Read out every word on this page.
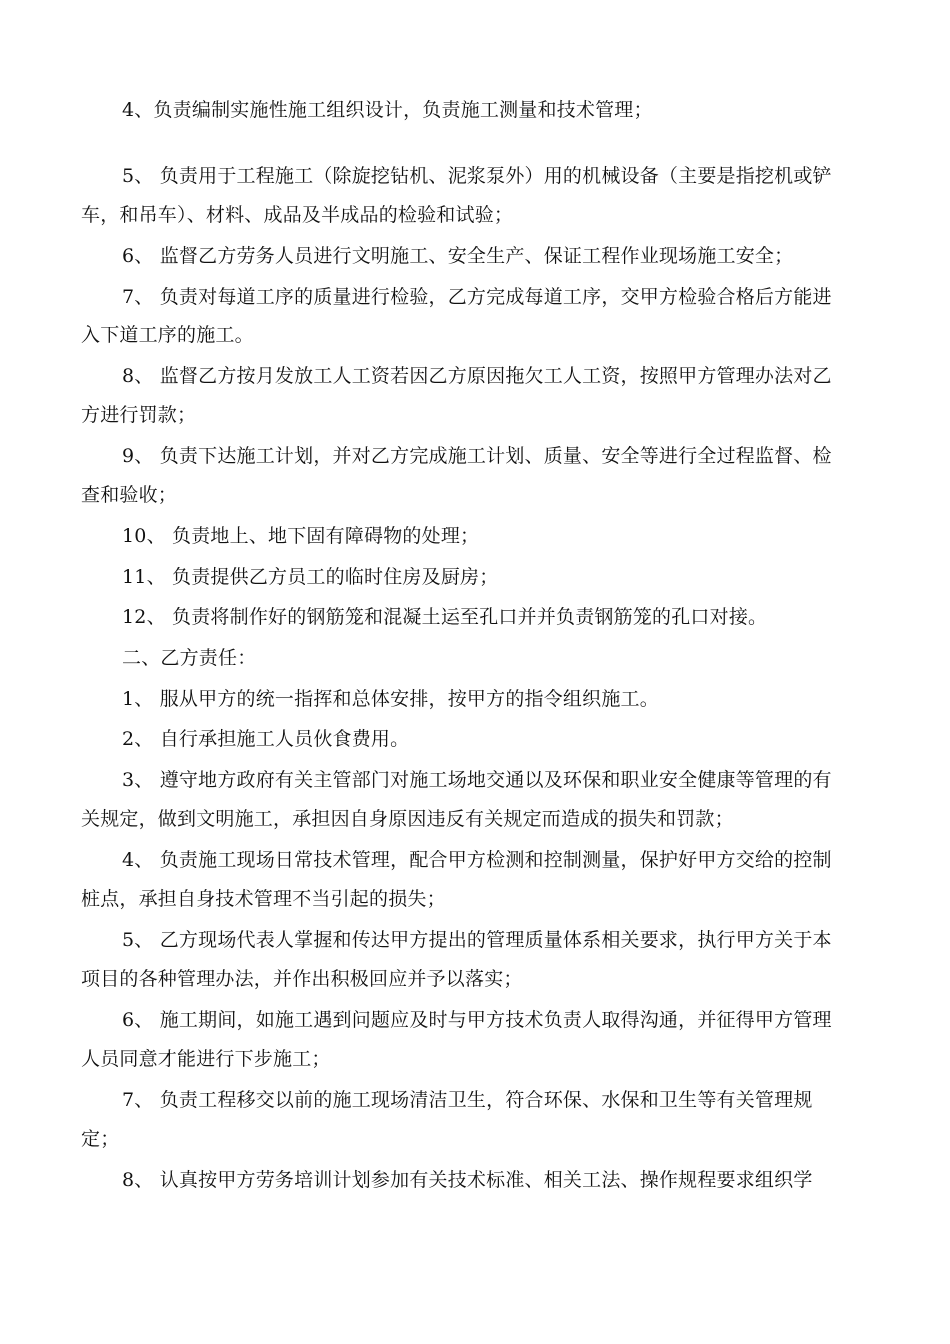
4、负责编制实施性施工组织设计，负责施工测量和技术管理；
5、 负责用于工程施工（除旋挖钻机、泥浆泵外）用的机械设备（主要是指挖机或铲
车，和吊车）、材料、成品及半成品的检验和试验；
6、 监督乙方劳务人员进行文明施工、安全生产、保证工程作业现场施工安全；
7、 负责对每道工序的质量进行检验，乙方完成每道工序，交甲方检验合格后方能进
入下道工序的施工。
8、 监督乙方按月发放工人工资若因乙方原因拖欠工人工资，按照甲方管理办法对乙
方进行罚款；
9、 负责下达施工计划，并对乙方完成施工计划、质量、安全等进行全过程监督、检
查和验收；
10、 负责地上、地下固有障碍物的处理；
11、 负责提供乙方员工的临时住房及厨房；
12、 负责将制作好的钢筋笼和混凝土运至孔口并并负责钢筋笼的孔口对接。
二、乙方责任：
1、 服从甲方的统一指挥和总体安排，按甲方的指令组织施工。
2、 自行承担施工人员伙食费用。
3、 遵守地方政府有关主管部门对施工场地交通以及环保和职业安全健康等管理的有
关规定，做到文明施工，承担因自身原因违反有关规定而造成的损失和罚款；
4、 负责施工现场日常技术管理，配合甲方检测和控制测量，保护好甲方交给的控制
桩点，承担自身技术管理不当引起的损失；
5、 乙方现场代表人掌握和传达甲方提出的管理质量体系相关要求，执行甲方关于本
项目的各种管理办法，并作出积极回应并予以落实；
6、 施工期间，如施工遇到问题应及时与甲方技术负责人取得沟通，并征得甲方管理
人员同意才能进行下步施工；
7、 负责工程移交以前的施工现场清洁卫生，符合环保、水保和卫生等有关管理规
定；
8、 认真按甲方劳务培训计划参加有关技术标准、相关工法、操作规程要求组织学
